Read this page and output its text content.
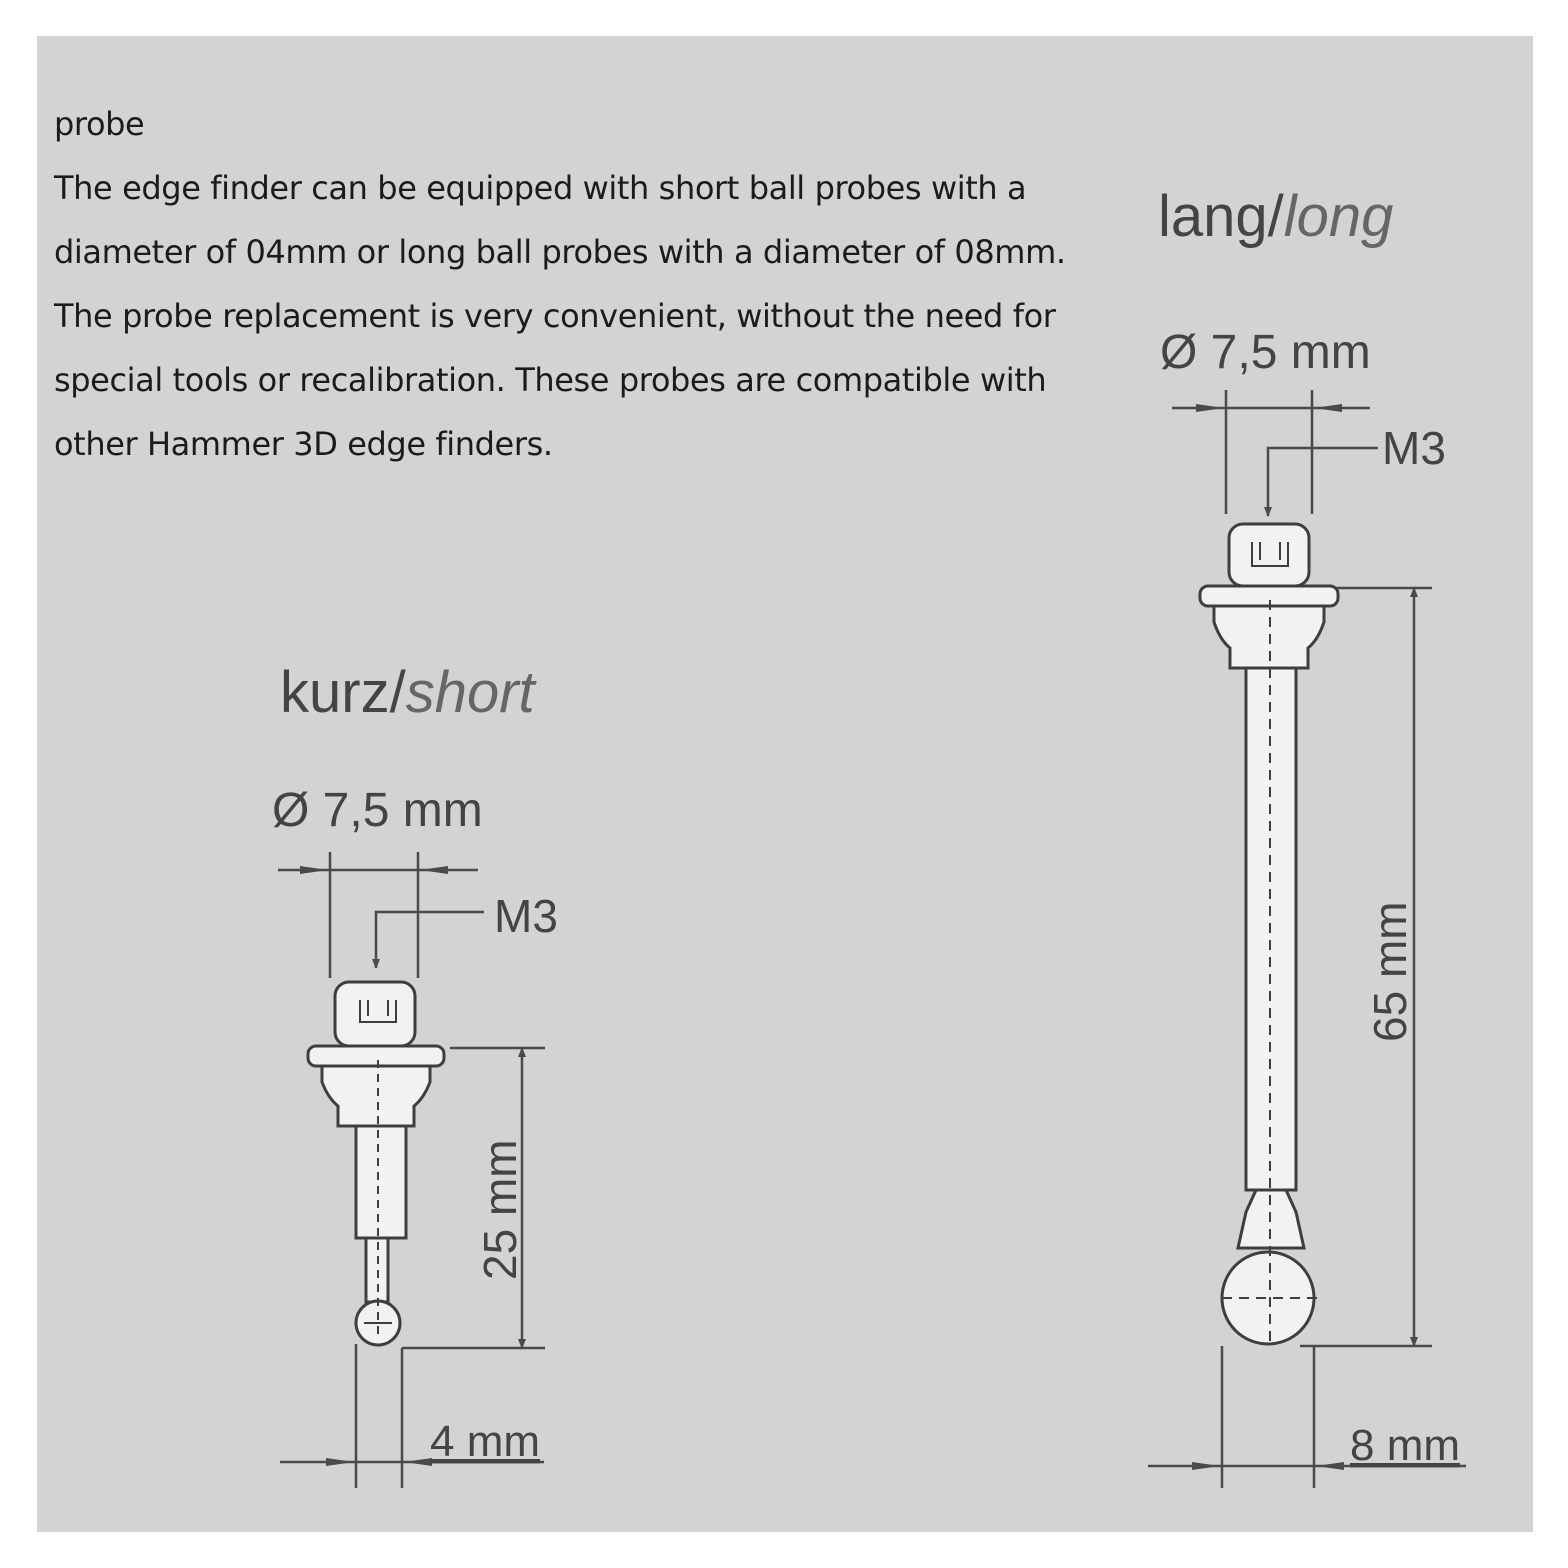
probe
The edge finder can be equipped with short ball probes with a
diameter of 04mm or long ball probes with a diameter of 08mm.
The probe replacement is very convenient, without the need for
special tools or recalibration. These probes are compatible with
other Hammer 3D edge finders.
kurz/short
Ø 7,5 mm
M3
25 mm
4 mm
lang/long
Ø 7,5 mm
M3
65 mm
8 mm
